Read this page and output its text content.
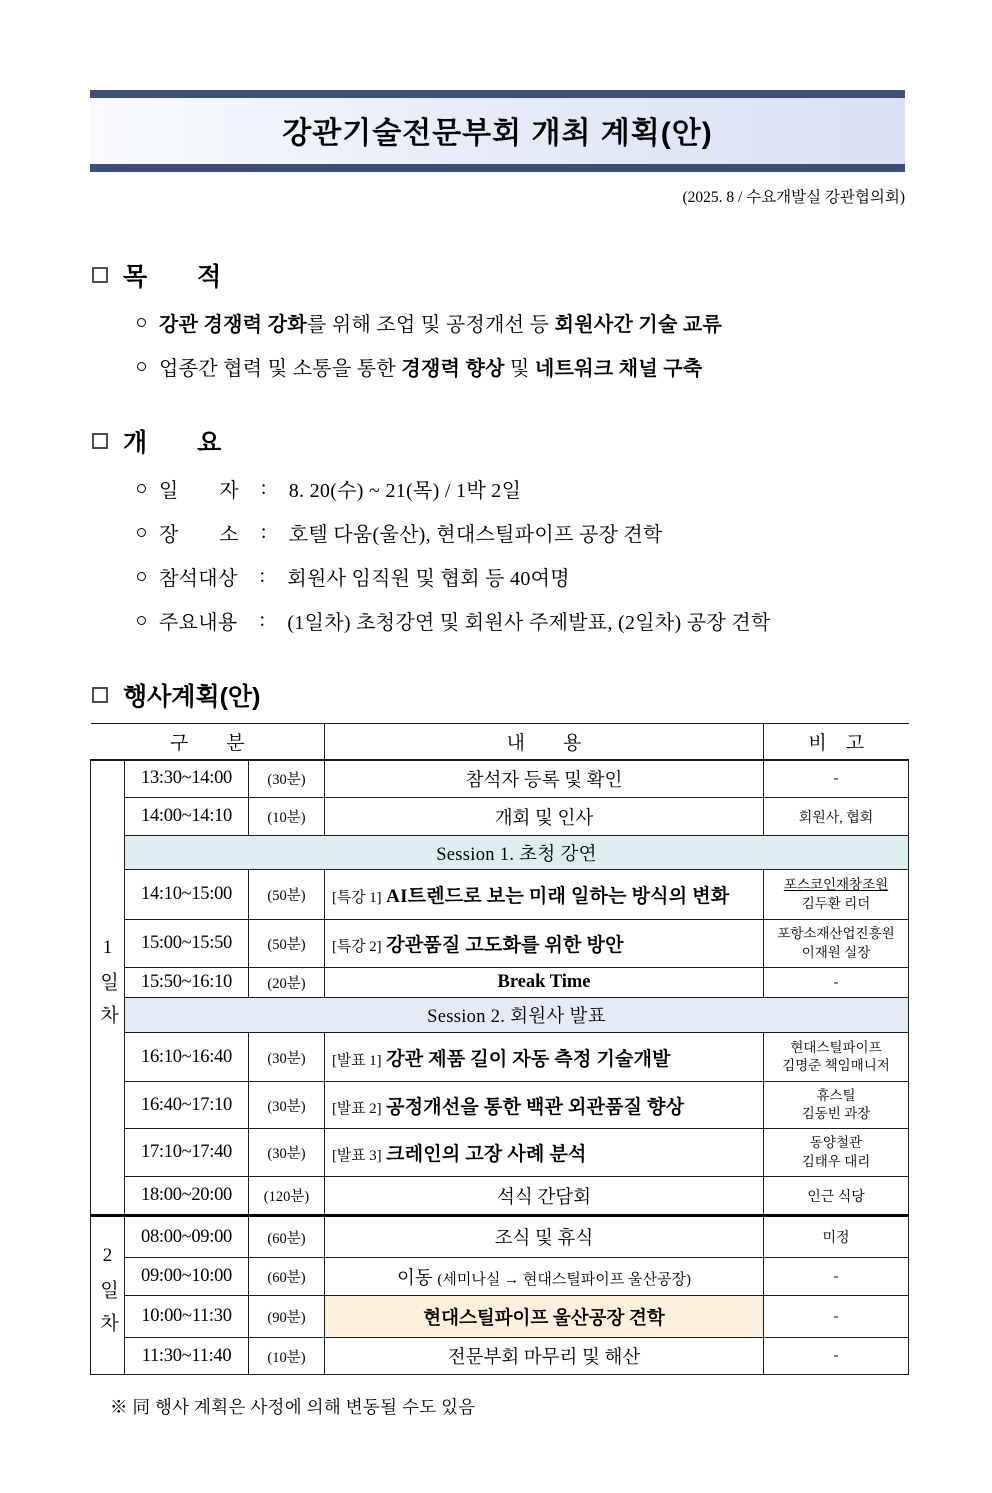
강관기술전문부회 개최 계획(안)
(2025. 8 / 수요개발실 강관협의회)
목　　적
강관 경쟁력 강화를 위해 조업 및 공정개선 등 회원사간 기술 교류
업종간 협력 및 소통을 통한 경쟁력 향상 및 네트워크 채널 구축
개　　요
일　　자 : 8. 20(수) ~ 21(목) / 1박 2일
장　　소 : 호텔 다움(울산), 현대스틸파이프 공장 견학
참석대상 : 회원사 임직원 및 협회 등 40여명
주요내용 : (1일차) 초청강연 및 회원사 주제발표, (2일차) 공장 견학
행사계획(안)
구　　분			내　　용	비　고
1일차	13:30~14:00	(30분)	참석자 등록 및 확인	-
	14:00~14:10	(10분)	개회 및 인사	회원사, 협회
	Session 1. 초청 강연			
	14:10~15:00	(50분)	[특강 1] AI트렌드로 보는 미래 일하는 방식의 변화	포스코인재창조원
김두환 리더

	15:00~15:50	(50분)	[특강 2] 강관품질 고도화를 위한 방안	포항소재산업진흥원
이재원 실장

	15:50~16:10	(20분)	Break Time	-
	Session 2. 회원사 발표			
	16:10~16:40	(30분)	[발표 1] 강관 제품 길이 자동 측정 기술개발	현대스틸파이프
김명준 책임매니저

	16:40~17:10	(30분)	[발표 2] 공정개선을 통한 백관 외관품질 향상	휴스틸
김동빈 과장

	17:10~17:40	(30분)	[발표 3] 크레인의 고장 사례 분석	동양철관
김태우 대리

	18:00~20:00	(120분)	석식 간담회	인근 식당
2일차	08:00~09:00	(60분)	조식 및 휴식	미정
	09:00~10:00	(60분)	이동 (세미나실 → 현대스틸파이프 울산공장)	-
	10:00~11:30	(90분)	현대스틸파이프 울산공장 견학	-
	11:30~11:40	(10분)	전문부회 마무리 및 해산	-
※ 同 행사 계획은 사정에 의해 변동될 수도 있음
